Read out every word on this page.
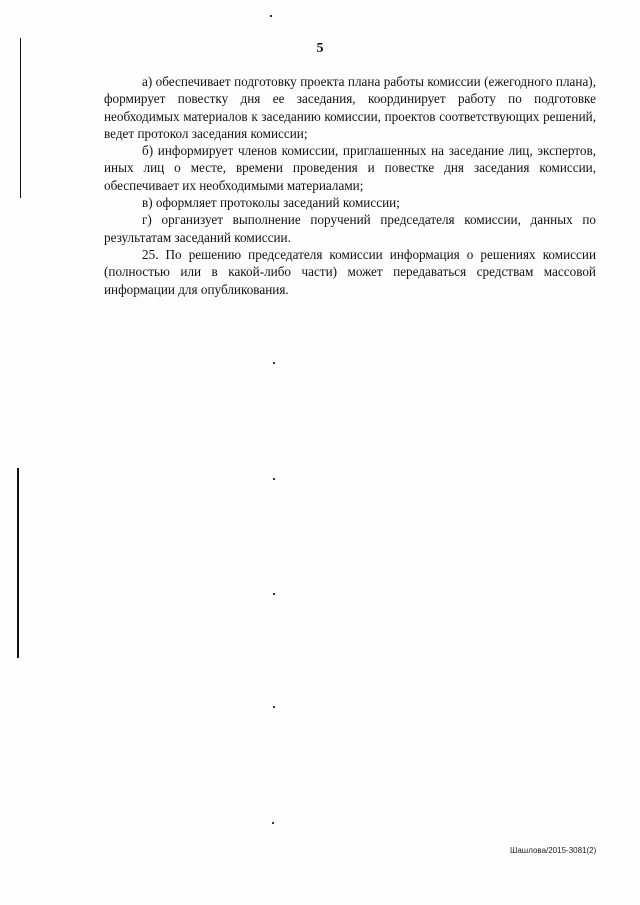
5

а) обеспечивает подготовку проекта плана работы комиссии (ежегодного плана), формирует повестку дня ее заседания, координирует работу по подготовке необходимых материалов к заседанию комиссии, проектов соответствующих решений, ведет протокол заседания комиссии;

б) информирует членов комиссии, приглашенных на заседание лиц, экспертов, иных лиц о месте, времени проведения и повестке дня заседания комиссии, обеспечивает их необходимыми материалами;

в) оформляет протоколы заседаний комиссии;

г) организует выполнение поручений председателя комиссии, данных по результатам заседаний комиссии.

25. По решению председателя комиссии информация о решениях комиссии (полностью или в какой-либо части) может передаваться средствам массовой информации для опубликования.

Шашлова/2015-3081(2)
